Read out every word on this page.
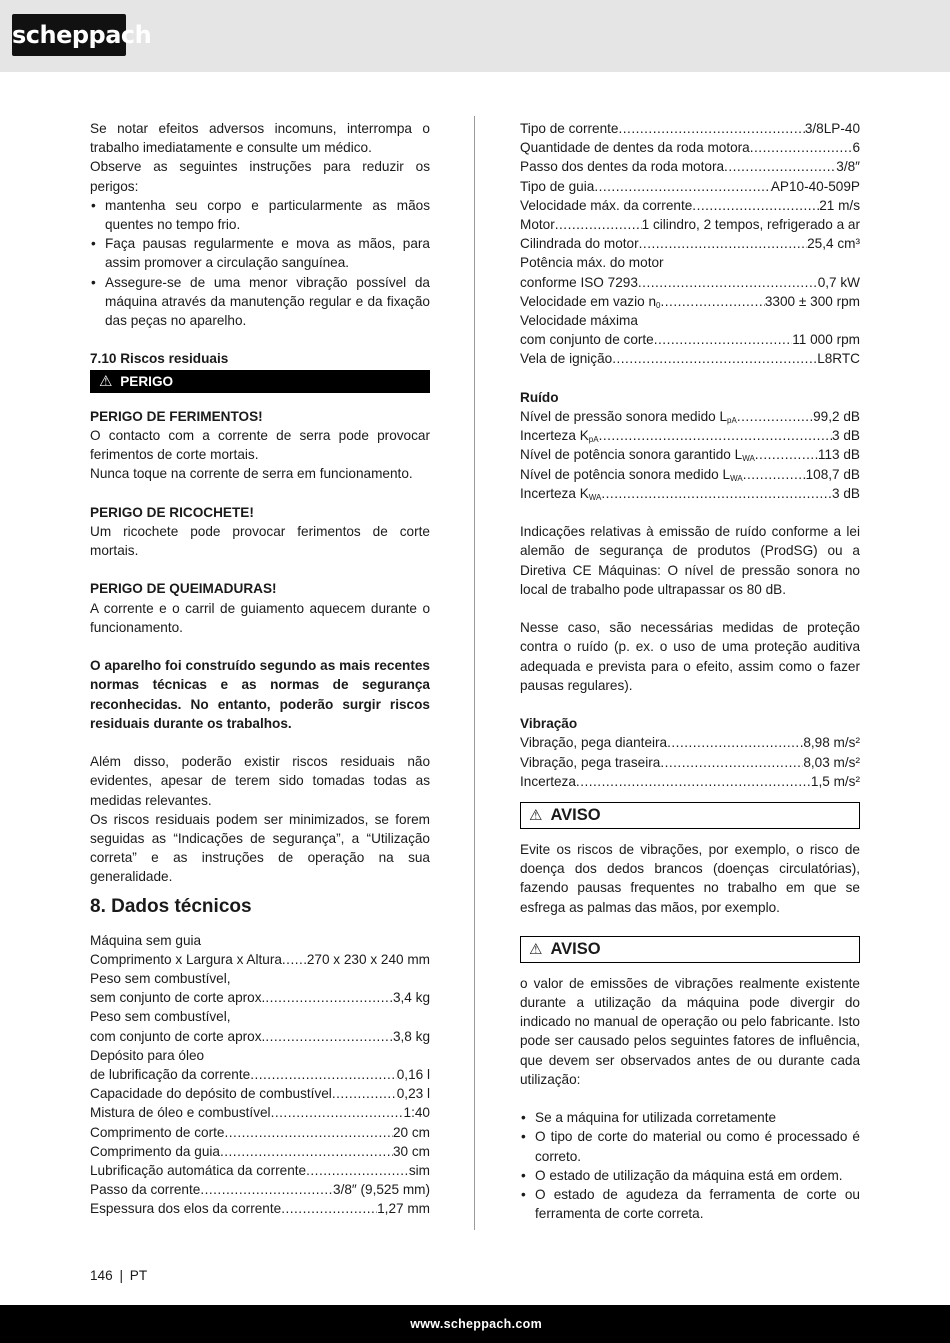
scheppach

Se notar efeitos adversos incomuns, interrompa o trabalho imediatamente e consulte um médico.

Observe as seguintes instruções para reduzir os perigos:

• mantenha seu corpo e particularmente as mãos quentes no tempo frio.
• Faça pausas regularmente e mova as mãos, para assim promover a circulação sanguínea.
• Assegure-se de uma menor vibração possível da máquina através da manutenção regular e da fixação das peças no aparelho.
7.10 Riscos residuais
⚠ PERIGO

PERIGO DE FERIMENTOS!

O contacto com a corrente de serra pode provocar ferimentos de corte mortais.

Nunca toque na corrente de serra em funcionamento.

PERIGO DE RICOCHETE!

Um ricochete pode provocar ferimentos de corte mortais.

PERIGO DE QUEIMADURAS!

A corrente e o carril de guiamento aquecem durante o funcionamento.

O aparelho foi construído segundo as mais recentes normas técnicas e as normas de segurança reconhecidas. No entanto, poderão surgir riscos residuais durante os trabalhos.

Além disso, poderão existir riscos residuais não evidentes, apesar de terem sido tomadas todas as medidas relevantes.

Os riscos residuais podem ser minimizados, se forem seguidas as “Indicações de segurança”, a “Utilização correta” e as instruções de operação na sua generalidade.

8. Dados técnicos
Máquina sem guia
Comprimento x Largura x Altura ..... 270 x 230 x 240 mm
Peso sem combustível,
sem conjunto de corte aprox. .....	3,4 kg
Peso sem combustível,
com conjunto de corte aprox. .....	3,8 kg
Depósito para óleo
de lubrificação da corrente .....	0,16 l
Capacidade do depósito de combustível .....	0,23 l
Mistura de óleo e combustível .....	1:40
Comprimento de corte .....	20 cm
Comprimento da guia .....	30 cm
Lubrificação automática da corrente .....	sim
Passo da corrente .....	3/8″ (9,525 mm)
Espessura dos elos da corrente .....	1,27 mm
Tipo de corrente .....	3/8LP-40
Quantidade de dentes da roda motora .....	6
Passo dos dentes da roda motora .....	3/8″
Tipo de guia .....	AP10-40-509P
Velocidade máx. da corrente .....	21 m/s
Motor .....	1 cilindro, 2 tempos, refrigerado a ar
Cilindrada do motor .....	25,4 cm³
Potência máx. do motor
conforme ISO 7293 .....	0,7 kW
Velocidade em vazio $n_0$ .....	3300 ± 300 rpm
Velocidade máxima
com conjunto de corte .....	11 000 rpm
Vela de ignição .....	L8RTC
Ruído
Nível de pressão sonora medido $L_{pA}$ .....	99,2 dB
Incerteza $K_{pA}$ .....	3 dB
Nível de potência sonora garantido $L_{WA}$ .....	113 dB
Nível de potência sonora medido $L_{WA}$ .....	108,7 dB
Incerteza $K_{WA}$ .....	3 dB

Indicações relativas à emissão de ruído conforme a lei alemão de segurança de produtos (ProdSG) ou a Diretiva CE Máquinas: O nível de pressão sonora no local de trabalho pode ultrapassar os 80 dB.

Nesse caso, são necessárias medidas de proteção contra o ruído (p. ex. o uso de uma proteção auditiva adequada e prevista para o efeito, assim como o fazer pausas regulares).

Vibração
Vibração, pega dianteira .....	8,98 m/s²
Vibração, pega traseira .....	8,03 m/s²
Incerteza .....	1,5 m/s²
⚠ AVISO

Evite os riscos de vibrações, por exemplo, o risco de doença dos dedos brancos (doenças circulatórias), fazendo pausas frequentes no trabalho em que se esfrega as palmas das mãos, por exemplo.

⚠ AVISO

o valor de emissões de vibrações realmente existente durante a utilização da máquina pode divergir do indicado no manual de operação ou pelo fabricante. Isto pode ser causado pelos seguintes fatores de influência, que devem ser observados antes de ou durante cada utilização:

• Se a máquina for utilizada corretamente
• O tipo de corte do material ou como é processado é correto.
• O estado de utilização da máquina está em ordem.
• O estado de agudeza da ferramenta de corte ou ferramenta de corte correta.
146 | PT
www.scheppach.com
